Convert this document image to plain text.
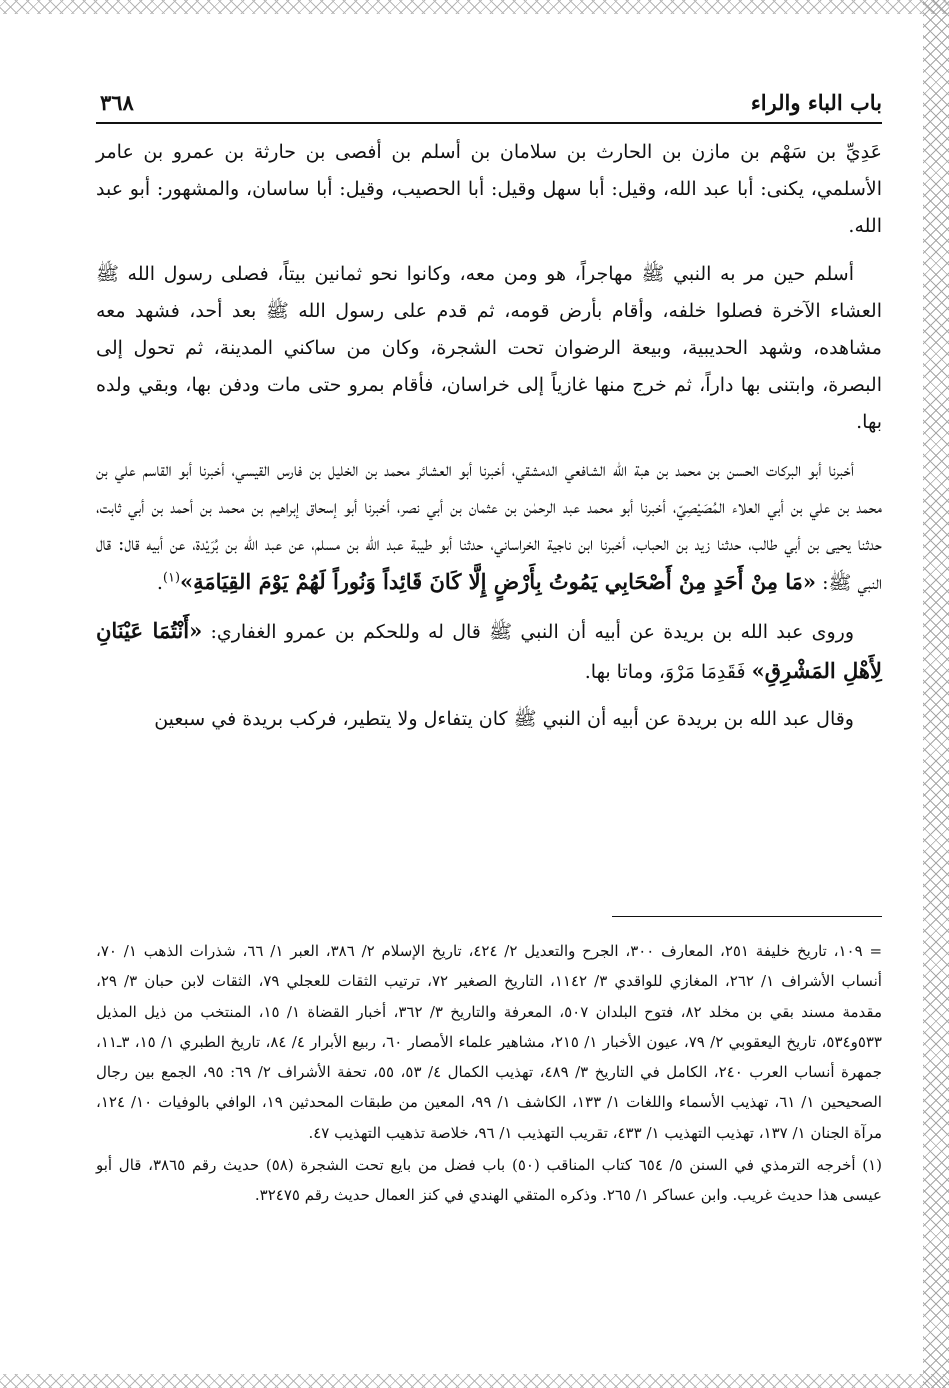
باب الباء والراء
٣٦٨

عَدِيِّ بن سَهْم بن مازن بن الحارث بن سلامان بن أسلم بن أفصى بن حارثة بن عمرو بن عامر الأسلمي، يكنى: أبا عبد الله، وقيل: أبا سهل وقيل: أبا الحصيب، وقيل: أبا ساسان، والمشهور: أبو عبد الله.

أسلم حين مر به النبي ﷺ مهاجراً، هو ومن معه، وكانوا نحو ثمانين بيتاً، فصلى رسول الله ﷺ العشاء الآخرة فصلوا خلفه، وأقام بأرض قومه، ثم قدم على رسول الله ﷺ بعد أحد، فشهد معه مشاهده، وشهد الحديبية، وبيعة الرضوان تحت الشجرة، وكان من ساكني المدينة، ثم تحول إلى البصرة، وابتنى بها داراً، ثم خرج منها غازياً إلى خراسان، فأقام بمرو حتى مات ودفن بها، وبقي ولده بها.

أخبرنا أبو البركات الحسن بن محمد بن هبة الله الشافعي الدمشقي، أخبرنا أبو العشائر محمد بن الخليل بن فارس القيسي، أخبرنا أبو القاسم علي بن محمد بن علي بن أبي العلاء المُصَيْصِيّ، أخبرنا أبو محمد عبد الرحمٰن بن عثمان بن أبي نصر، أخبرنا أبو إسحاق إبراهيم بن محمد بن أحمد بن أبي ثابت، حدثنا يحيى بن أبي طالب، حدثنا زيد بن الحباب، أخبرنا ابن ناجية الخراساني، حدثنا أبو طيبة عبد الله بن مسلم، عن عبد الله بن بُرَيْدة، عن أبيه قال: قال النبي ﷺ: «مَا مِنْ أَحَدٍ مِنْ أَصْحَابِي يَمُوتُ بِأَرْضٍ إِلَّا كَانَ قَائِداً وَنُوراً لَهُمْ يَوْمَ القِيَامَةِ»$^{(١)}$.

وروى عبد الله بن بريدة عن أبيه أن النبي ﷺ قال له وللحكم بن عمرو الغفاري: «أَنْتُمَا عَيْنَانِ لِأَهْلِ المَشْرِقِ» فَقَدِمَا مَرْوَ، وماتا بها.

وقال عبد الله بن بريدة عن أبيه أن النبي ﷺ كان يتفاءل ولا يتطير، فركب بريدة في سبعين

= ١٠٩، تاريخ خليفة ٢٥١، المعارف ٣٠٠، الجرح والتعديل ٢/ ٤٢٤، تاريخ الإسلام ٢/ ٣٨٦، العبر ١/ ٦٦، شذرات الذهب ١/ ٧٠، أنساب الأشراف ١/ ٢٦٢، المغازي للواقدي ٣/ ١١٤٢، التاريخ الصغير ٧٢، ترتيب الثقات للعجلي ٧٩، الثقات لابن حبان ٣/ ٢٩، مقدمة مسند بقي بن مخلد ٨٢، فتوح البلدان ٥٠٧، المعرفة والتاريخ ٣/ ٣٦٢، أخبار القضاة ١/ ١٥، المنتخب من ذيل المذيل ٥٣٣و٥٣٤، تاريخ اليعقوبي ٢/ ٧٩، عيون الأخبار ١/ ٢١٥، مشاهير علماء الأمصار ٦٠، ربيع الأبرار ٤/ ٨٤، تاريخ الطبري ١/ ١٥، ٣ـ١١، جمهرة أنساب العرب ٢٤٠، الكامل في التاريخ ٣/ ٤٨٩، تهذيب الكمال ٤/ ٥٣، ٥٥، تحفة الأشراف ٢/ ٦٩: ٩٥، الجمع بين رجال الصحيحين ١/ ٦١، تهذيب الأسماء واللغات ١/ ١٣٣، الكاشف ١/ ٩٩، المعين من طبقات المحدثين ١٩، الوافي بالوفيات ١٠/ ١٢٤، مرآة الجنان ١/ ١٣٧، تهذيب التهذيب ١/ ٤٣٣، تقريب التهذيب ١/ ٩٦، خلاصة تذهيب التهذيب ٤٧.

(١) أخرجه الترمذي في السنن ٥/ ٦٥٤ كتاب المناقب (٥٠) باب فضل من بايع تحت الشجرة (٥٨) حديث رقم ٣٨٦٥، قال أبو عيسى هذا حديث غريب. وابن عساكر ١/ ٢٦٥. وذكره المتقي الهندي في كنز العمال حديث رقم ٣٢٤٧٥.
